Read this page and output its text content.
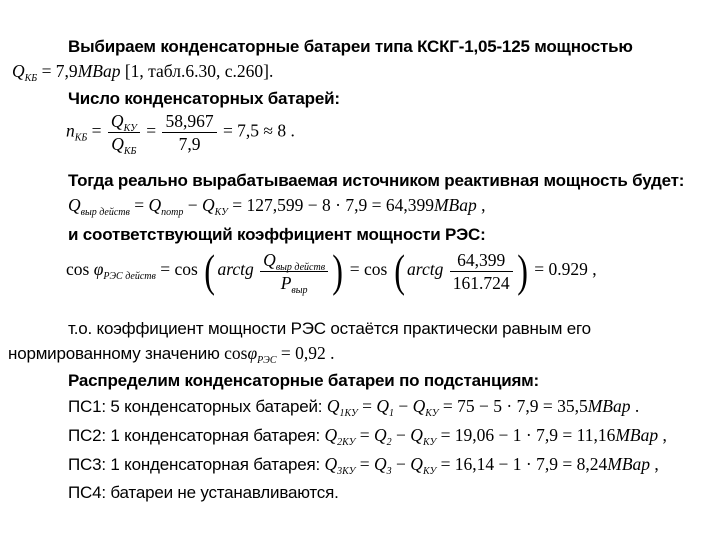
Выбираем конденсаторные батареи типа КСКГ-1,05-125 мощностью
$Q_{КБ}$ = 7,9МВар [1, табл.6.30, с.260].
Число конденсаторных батарей:
$n_{КБ} = \frac{Q_{КУ}}{Q_{КБ}} = \frac{58,967}{7,9} = 7,5 \approx 8$ .
Тогда реально вырабатываемая источником реактивная мощность будет:
$Q_{выр действ} = Q_{потр} - Q_{КУ} = 127,599 - 8 \cdot 7,9$ = 64,399МВар ,
и соответствующий коэффициент мощности РЭС:
$\cos \varphi_{РЭС действ} = \cos$ ( arctg $\frac{Q_{выр действ}}{P_{выр}}$ ) = cos ( arctg $\frac{64,399}{161.724}$ ) = 0.929 ,
т.о. коэффициент мощности РЭС остаётся практически равным его
нормированному значению cosφ$_{РЭС}$ = 0,92 .
Распределим конденсаторные батареи по подстанциям:
ПС1: 5 конденсаторных батарей: $Q_{1КУ} = Q_1 - Q_{КУ} = 75 - 5 \cdot 7,9$ = 35,5МВар .
ПС2: 1 конденсаторная батарея: $Q_{2КУ} = Q_2 - Q_{КУ} = 19,06 - 1 \cdot 7,9$ = 11,16МВар ,
ПС3: 1 конденсаторная батарея: $Q_{3КУ} = Q_3 - Q_{КУ} = 16,14 - 1 \cdot 7,9$ = 8,24МВар ,
ПС4: батареи не устанавливаются.
